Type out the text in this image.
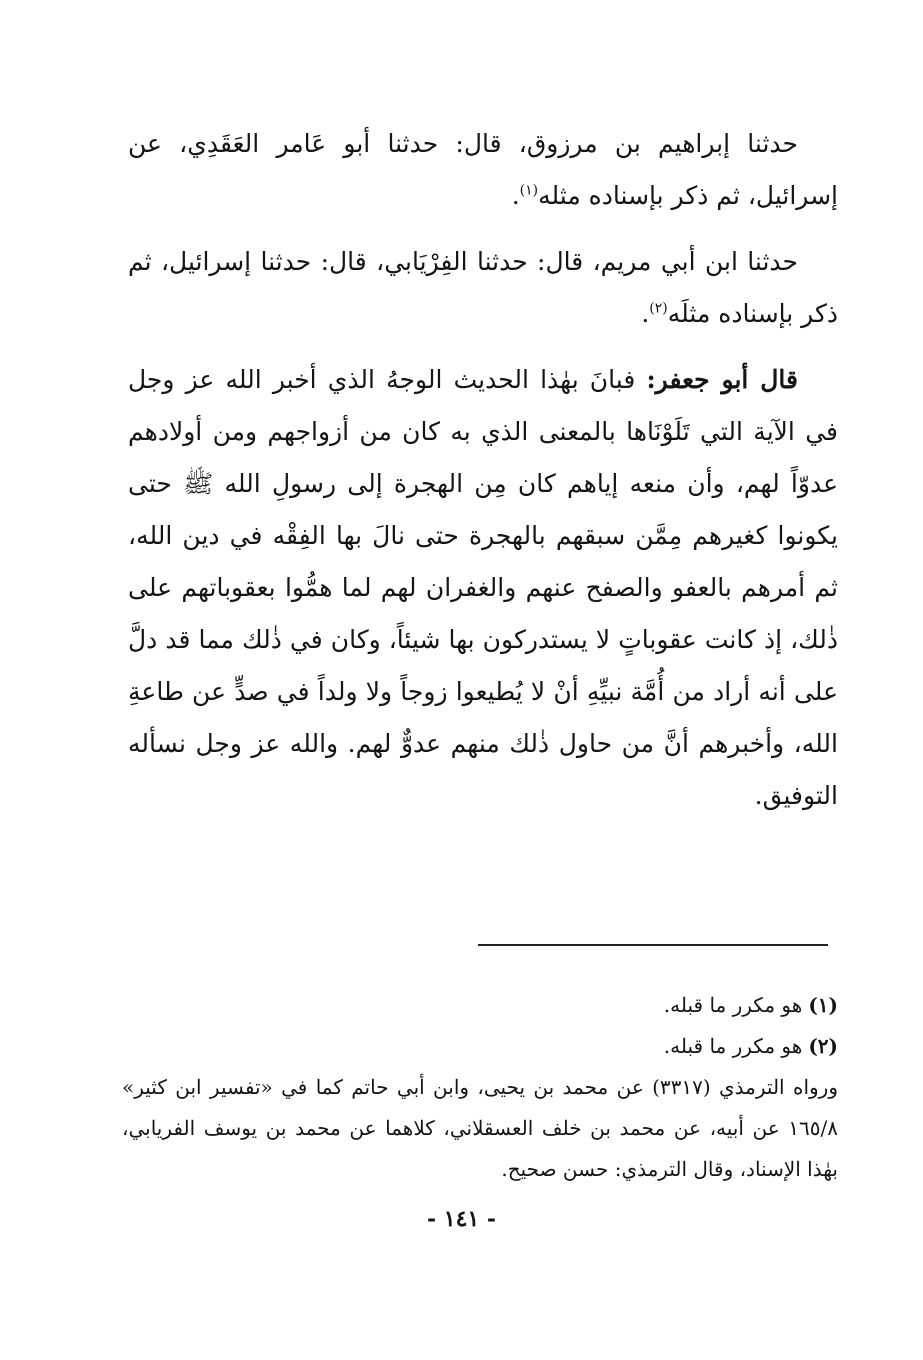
حدثنا إبراهيم بن مرزوق، قال: حدثنا أبو عَامر العَقَدِي، عن إسرائيل، ثم ذكر بإسناده مثله$^{(١)}$.

حدثنا ابن أبي مريم، قال: حدثنا الفِرْيَابي، قال: حدثنا إسرائيل، ثم ذكر بإسناده مثلَه$^{(٢)}$.

قال أبو جعفر: فبانَ بهٰذا الحديث الوجهُ الذي أخبر الله عز وجل في الآية التي تَلَوْنَاها بالمعنى الذي به كان من أزواجهم ومن أولادهم عدوّاً لهم، وأن منعه إياهم كان مِن الهجرة إلى رسولِ الله ﷺ حتى يكونوا كغيرهم مِمَّن سبقهم بالهجرة حتى نالَ بها الفِقْه في دين الله، ثم أمرهم بالعفو والصفح عنهم والغفران لهم لما همُّوا بعقوباتهم على ذٰلك، إذ كانت عقوباتٍ لا يستدركون بها شيئاً، وكان في ذٰلك مما قد دلَّ على أنه أراد من أُمَّة نبيِّهِ أنْ لا يُطيعوا زوجاً ولا ولداً في صدٍّ عن طاعةِ الله، وأخبرهم أنَّ من حاول ذٰلك منهم عدوٌّ لهم. والله عز وجل نسأله التوفيق.

(١)هو مكرر ما قبله.

(٢)هو مكرر ما قبله.

ورواه الترمذي (٣٣١٧) عن محمد بن يحيى، وابن أبي حاتم كما في «تفسير ابن كثير» ١٦٥/٨ عن أبيه، عن محمد بن خلف العسقلاني، كلاهما عن محمد بن يوسف الفريابي، بهٰذا الإسناد، وقال الترمذي: حسن صحيح.

- ١٤١ -
